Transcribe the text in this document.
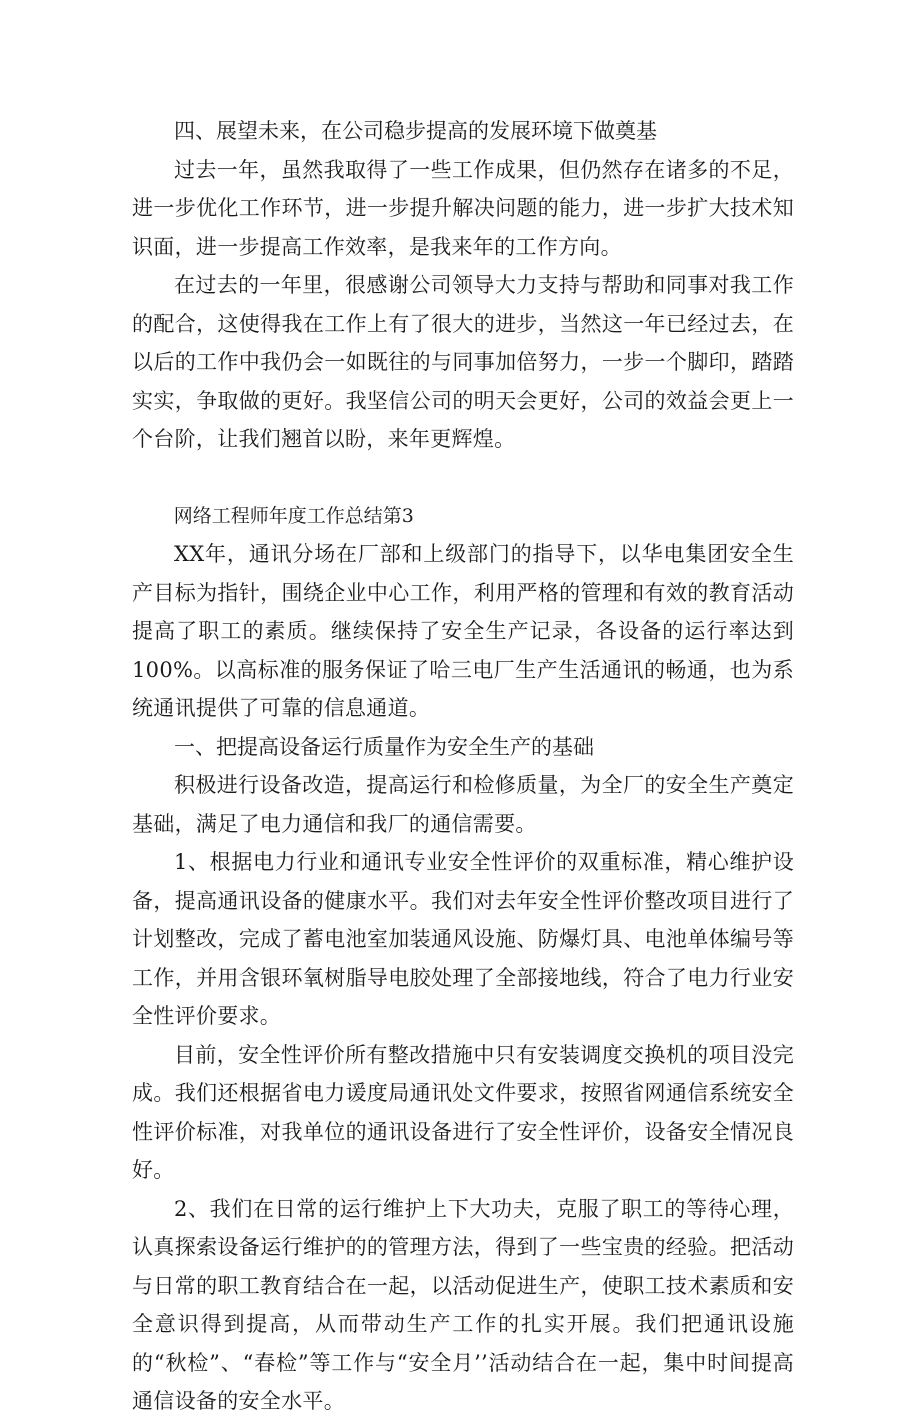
四、展望未来，在公司稳步提高的发展环境下做奠基

过去一年，虽然我取得了一些工作成果，但仍然存在诸多的不足，进一步优化工作环节，进一步提升解决问题的能力，进一步扩大技术知识面，进一步提高工作效率，是我来年的工作方向。

在过去的一年里，很感谢公司领导大力支持与帮助和同事对我工作的配合，这使得我在工作上有了很大的进步，当然这一年已经过去，在以后的工作中我仍会一如既往的与同事加倍努力，一步一个脚印，踏踏实实，争取做的更好。我坚信公司的明天会更好，公司的效益会更上一个台阶，让我们翘首以盼，来年更辉煌。

网络工程师年度工作总结第3

XX年，通讯分场在厂部和上级部门的指导下，以华电集团安全生产目标为指针，围绕企业中心工作，利用严格的管理和有效的教育活动提高了职工的素质。继续保持了安全生产记录，各设备的运行率达到100%。以高标准的服务保证了哈三电厂生产生活通讯的畅通，也为系统通讯提供了可靠的信息通道。

一、把提高设备运行质量作为安全生产的基础

积极进行设备改造，提高运行和检修质量，为全厂的安全生产奠定基础，满足了电力通信和我厂的通信需要。

1、根据电力行业和通讯专业安全性评价的双重标准，精心维护设备，提高通讯设备的健康水平。我们对去年安全性评价整改项目进行了计划整改，完成了蓄电池室加装通风设施、防爆灯具、电池单体编号等工作，并用含银环氧树脂导电胶处理了全部接地线，符合了电力行业安全性评价要求。

目前，安全性评价所有整改措施中只有安装调度交换机的项目没完成。我们还根据省电力谖度局通讯处文件要求，按照省网通信系统安全性评价标准，对我单位的通讯设备进行了安全性评价，设备安全情况良好。

2、我们在日常的运行维护上下大功夫，克服了职工的等待心理，认真探索设备运行维护的的管理方法，得到了一些宝贵的经验。把活动与日常的职工教育结合在一起，以活动促进生产，使职工技术素质和安全意识得到提高，从而带动生产工作的扎实开展。我们把通讯设施的“秋检”、“春检”等工作与“安全月’’活动结合在一起，集中时间提高通信设备的安全水平。
